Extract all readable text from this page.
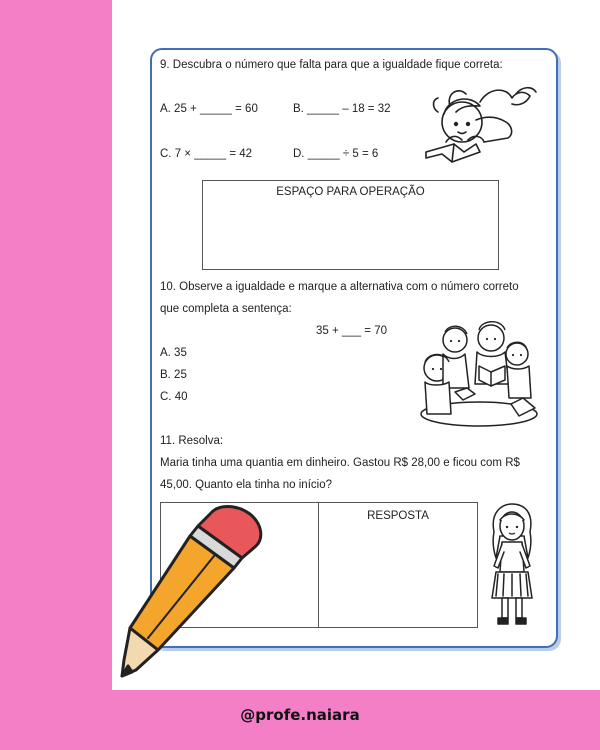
9. Descubra o número que falta para que a igualdade fique correta:
A. 25 + _____ = 60	B. _____ – 18 = 32
C. 7 × _____ = 42	D. _____ ÷ 5 = 6
ESPAÇO PARA OPERAÇÃO
10. Observe a igualdade e marque a alternativa com o número correto
que completa a sentença:
35 + ___ = 70
A. 35
B. 25
C. 40
11. Resolva:
Maria tinha uma quantia em dinheiro. Gastou R$ 28,00 e ficou com R$
45,00. Quanto ela tinha no início?
RESPOSTA
@profe.naiara
